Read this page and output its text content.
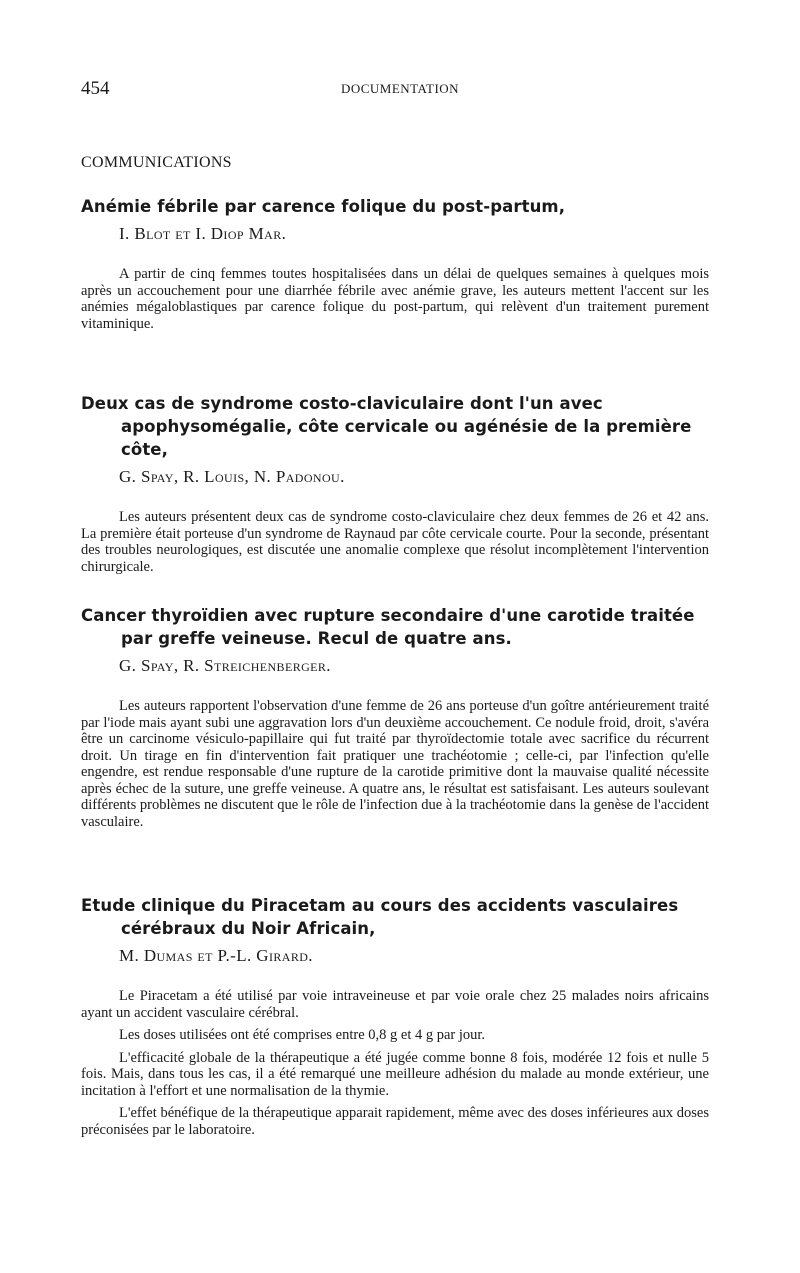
454	DOCUMENTATION
COMMUNICATIONS
Anémie fébrile par carence folique du post-partum,
I. Blot et I. Diop Mar.

A partir de cinq femmes toutes hospitalisées dans un délai de quelques semaines à quelques mois après un accouchement pour une diarrhée fébrile avec anémie grave, les auteurs mettent l'accent sur les anémies mégaloblastiques par carence folique du post-partum, qui relèvent d'un traitement purement vitaminique.

Deux cas de syndrome costo-claviculaire dont l'un avec apophysomégalie, côte cervicale ou agénésie de la première côte,
G. Spay, R. Louis, N. Padonou.

Les auteurs présentent deux cas de syndrome costo-claviculaire chez deux femmes de 26 et 42 ans. La première était porteuse d'un syndrome de Raynaud par côte cervicale courte. Pour la seconde, présentant des troubles neurologiques, est discutée une anomalie complexe que résolut incomplètement l'intervention chirurgicale.

Cancer thyroïdien avec rupture secondaire d'une carotide traitée par greffe veineuse. Recul de quatre ans.
G. Spay, R. Streichenberger.

Les auteurs rapportent l'observation d'une femme de 26 ans porteuse d'un goître antérieurement traité par l'iode mais ayant subi une aggravation lors d'un deuxième accouchement. Ce nodule froid, droit, s'avéra être un carcinome vésiculo-papillaire qui fut traité par thyroïdectomie totale avec sacrifice du récurrent droit. Un tirage en fin d'intervention fait pratiquer une trachéotomie ; celle-ci, par l'infection qu'elle engendre, est rendue responsable d'une rupture de la carotide primitive dont la mauvaise qualité nécessite après échec de la suture, une greffe veineuse. A quatre ans, le résultat est satisfaisant. Les auteurs soulevant différents problèmes ne discutent que le rôle de l'infection due à la trachéotomie dans la genèse de l'accident vasculaire.

Etude clinique du Piracetam au cours des accidents vasculaires cérébraux du Noir Africain,
M. Dumas et P.-L. Girard.

Le Piracetam a été utilisé par voie intraveineuse et par voie orale chez 25 malades noirs africains ayant un accident vasculaire cérébral.

Les doses utilisées ont été comprises entre 0,8 g et 4 g par jour.

L'efficacité globale de la thérapeutique a été jugée comme bonne 8 fois, modérée 12 fois et nulle 5 fois. Mais, dans tous les cas, il a été remarqué une meilleure adhésion du malade au monde extérieur, une incitation à l'effort et une normalisation de la thymie.

L'effet bénéfique de la thérapeutique apparait rapidement, même avec des doses inférieures aux doses préconisées par le laboratoire.
